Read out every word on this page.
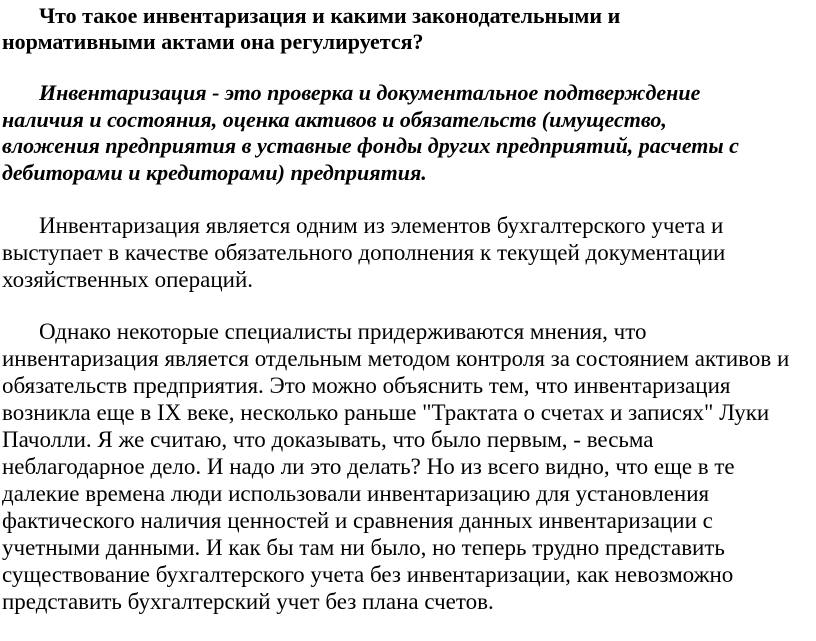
Что такое инвентаризация и какими законодательными и
нормативными актами она регулируется?

Инвентаризация - это проверка и документальное подтверждение
наличия и состояния, оценка активов и обязательств (имущество,
вложения предприятия в уставные фонды других предприятий, расчеты с
дебиторами и кредиторами) предприятия.

Инвентаризация является одним из элементов бухгалтерского учета и
выступает в качестве обязательного дополнения к текущей документации
хозяйственных операций.

Однако некоторые специалисты придерживаются мнения, что
инвентаризация является отдельным методом контроля за состоянием активов и
обязательств предприятия. Это можно объяснить тем, что инвентаризация
возникла еще в IX веке, несколько раньше "Трактата о счетах и записях" Луки
Пачолли. Я же считаю, что доказывать, что было первым, - весьма
неблагодарное дело. И надо ли это делать? Но из всего видно, что еще в те
далекие времена люди использовали инвентаризацию для установления
фактического наличия ценностей и сравнения данных инвентаризации с
учетными данными. И как бы там ни было, но теперь трудно представить
существование бухгалтерского учета без инвентаризации, как невозможно
представить бухгалтерский учет без плана счетов.
